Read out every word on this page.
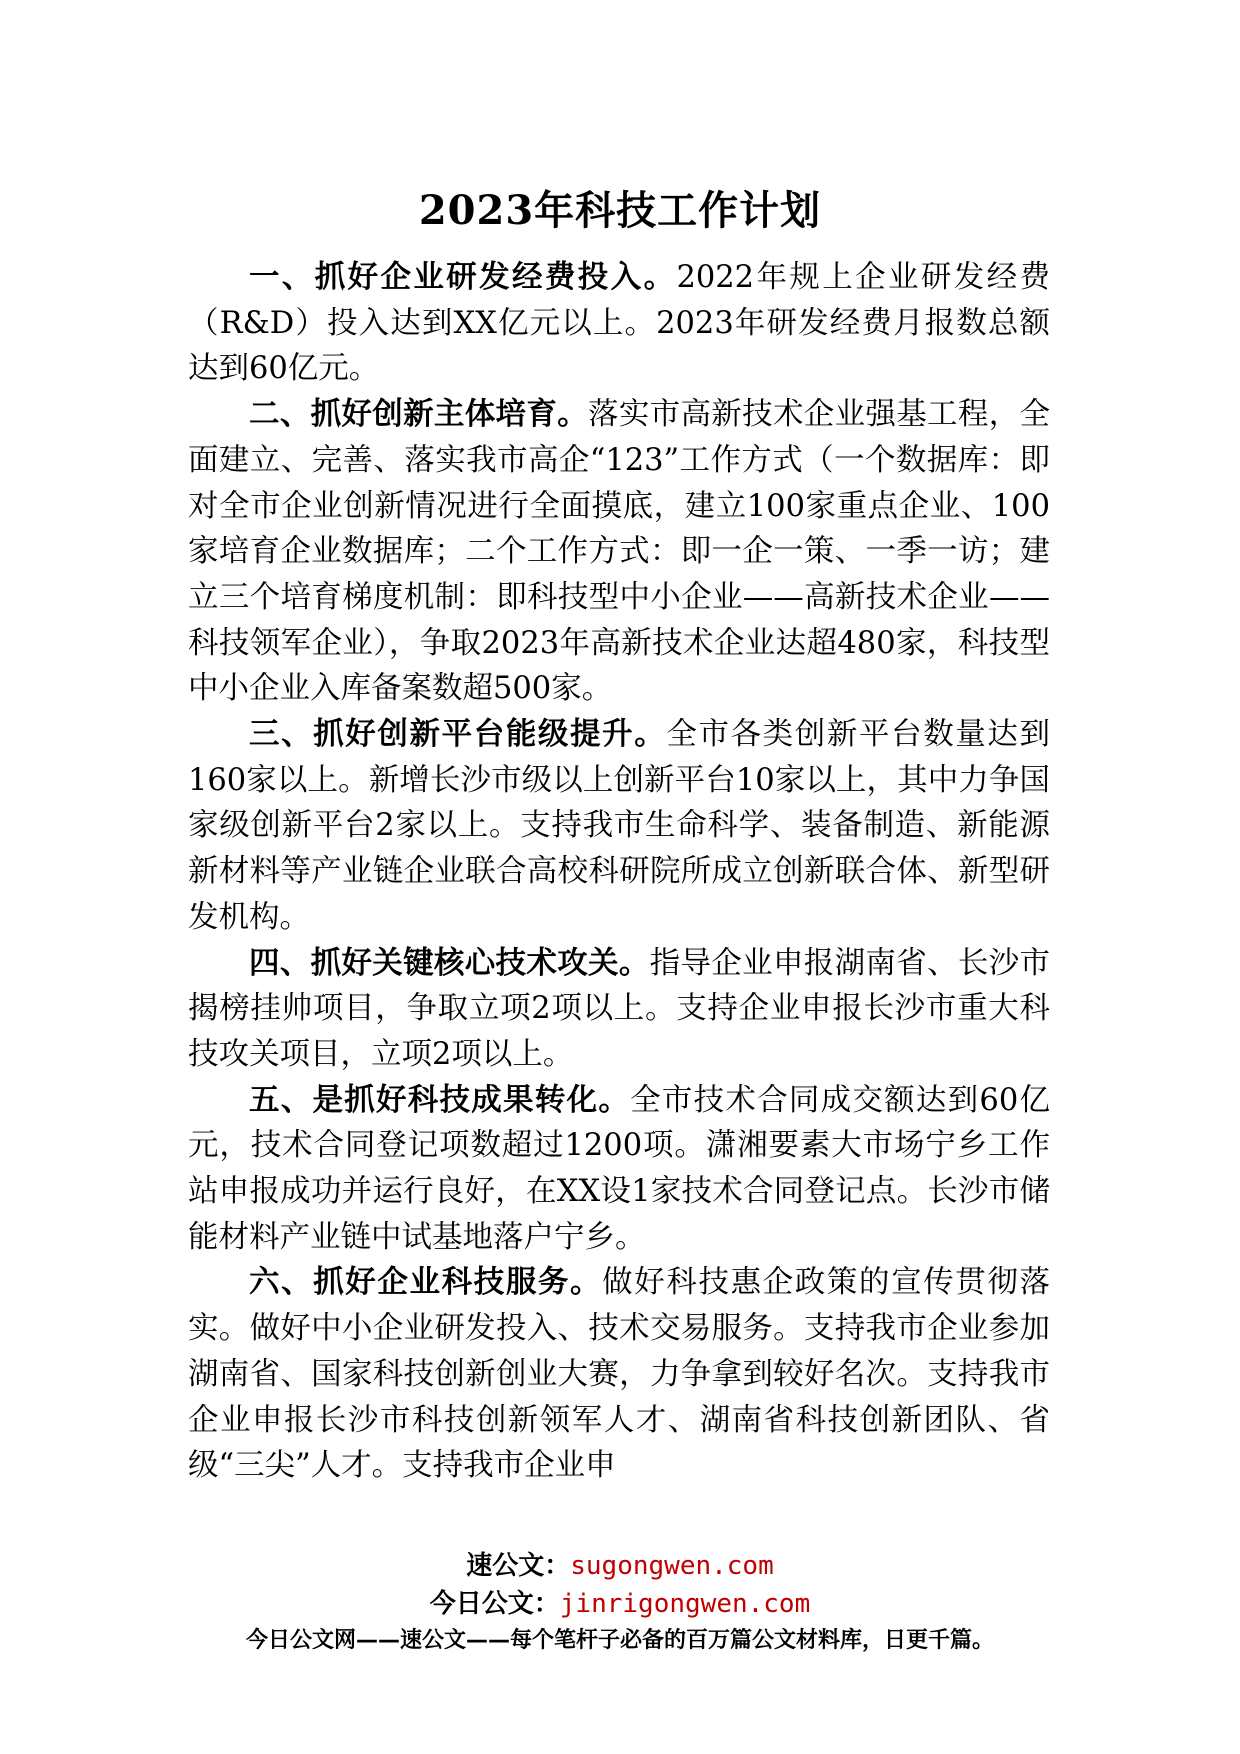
2023年科技工作计划

一、抓好企业研发经费投入。2022年规上企业研发经费（R&D）投入达到XX亿元以上。2023年研发经费月报数总额达到60亿元。

二、抓好创新主体培育。落实市高新技术企业强基工程，全面建立、完善、落实我市高企“123”工作方式（一个数据库：即对全市企业创新情况进行全面摸底，建立100家重点企业、100家培育企业数据库；二个工作方式：即一企一策、一季一访；建立三个培育梯度机制：即科技型中小企业——高新技术企业——科技领军企业），争取2023年高新技术企业达超480家，科技型中小企业入库备案数超500家。

三、抓好创新平台能级提升。全市各类创新平台数量达到160家以上。新增长沙市级以上创新平台10家以上，其中力争国家级创新平台2家以上。支持我市生命科学、装备制造、新能源新材料等产业链企业联合高校科研院所成立创新联合体、新型研发机构。

四、抓好关键核心技术攻关。指导企业申报湖南省、长沙市揭榜挂帅项目，争取立项2项以上。支持企业申报长沙市重大科技攻关项目，立项2项以上。

五、是抓好科技成果转化。全市技术合同成交额达到60亿元，技术合同登记项数超过1200项。潇湘要素大市场宁乡工作站申报成功并运行良好，在XX设1家技术合同登记点。长沙市储能材料产业链中试基地落户宁乡。

六、抓好企业科技服务。做好科技惠企政策的宣传贯彻落实。做好中小企业研发投入、技术交易服务。支持我市企业参加湖南省、国家科技创新创业大赛，力争拿到较好名次。支持我市企业申报长沙市科技创新领军人才、湖南省科技创新团队、省级“三尖”人才。支持我市企业申

速公文：sugongwen.com
今日公文：jinrigongwen.com
今日公文网——速公文——每个笔杆子必备的百万篇公文材料库，日更千篇。
